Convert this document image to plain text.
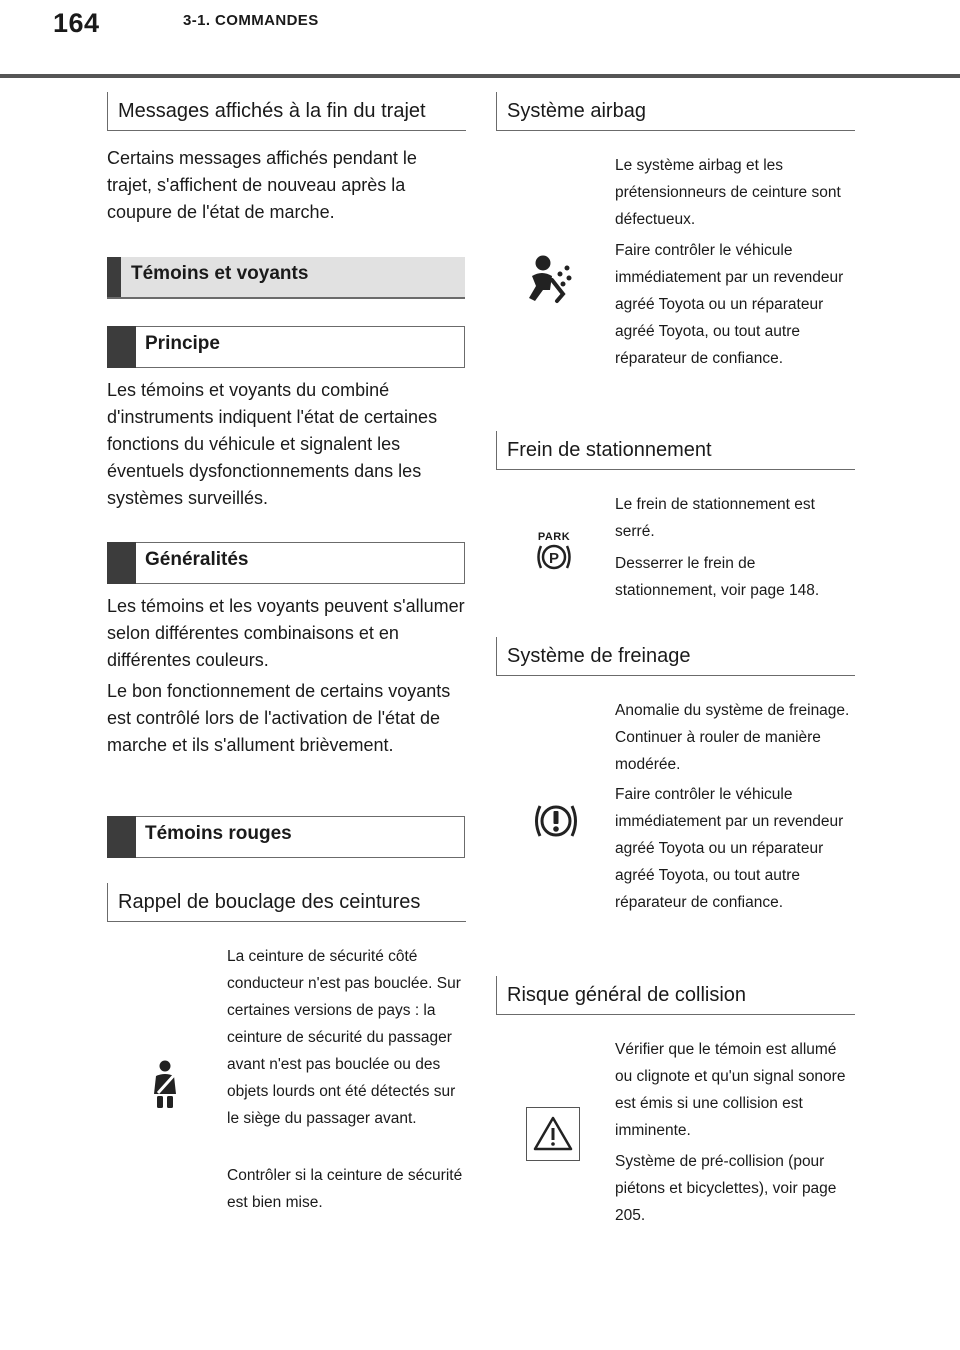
164	3-1. COMMANDES
Messages affichés à la fin du trajet

Certains messages affichés pendant le trajet, s'affichent de nouveau après la coupure de l'état de marche.

Témoins et voyants
Principe

Les témoins et voyants du combiné d'instruments indiquent l'état de certaines fonctions du véhicule et signalent les éventuels dysfonctionnements dans les systèmes surveillés.

Généralités

Les témoins et les voyants peuvent s'allumer selon différentes combinaisons et en différentes couleurs.

Le bon fonctionnement de certains voyants est contrôlé lors de l'activation de l'état de marche et ils s'allument brièvement.

Témoins rouges
Rappel de bouclage des ceintures
La ceinture de sécurité côté conducteur n'est pas bouclée. Sur certaines versions de pays : la ceinture de sécurité du passager avant n'est pas bouclée ou des objets lourds ont été détectés sur le siège du passager avant.
Contrôler si la ceinture de sécurité est bien mise.
Système airbag
Le système airbag et les prétensionneurs de ceinture sont défectueux.
Faire contrôler le véhicule immédiatement par un revendeur agréé Toyota ou un réparateur agréé Toyota, ou tout autre réparateur de confiance.
Frein de stationnement
PARK
P
Le frein de stationnement est serré.
Desserrer le frein de stationnement, voir page 148.
Système de freinage
Anomalie du système de freinage. Continuer à rouler de manière modérée.
Faire contrôler le véhicule immédiatement par un revendeur agréé Toyota ou un réparateur agréé Toyota, ou tout autre réparateur de confiance.
Risque général de collision
Vérifier que le témoin est allumé ou clignote et qu'un signal sonore est émis si une collision est imminente.
Système de pré-collision (pour piétons et bicyclettes), voir page 205.
